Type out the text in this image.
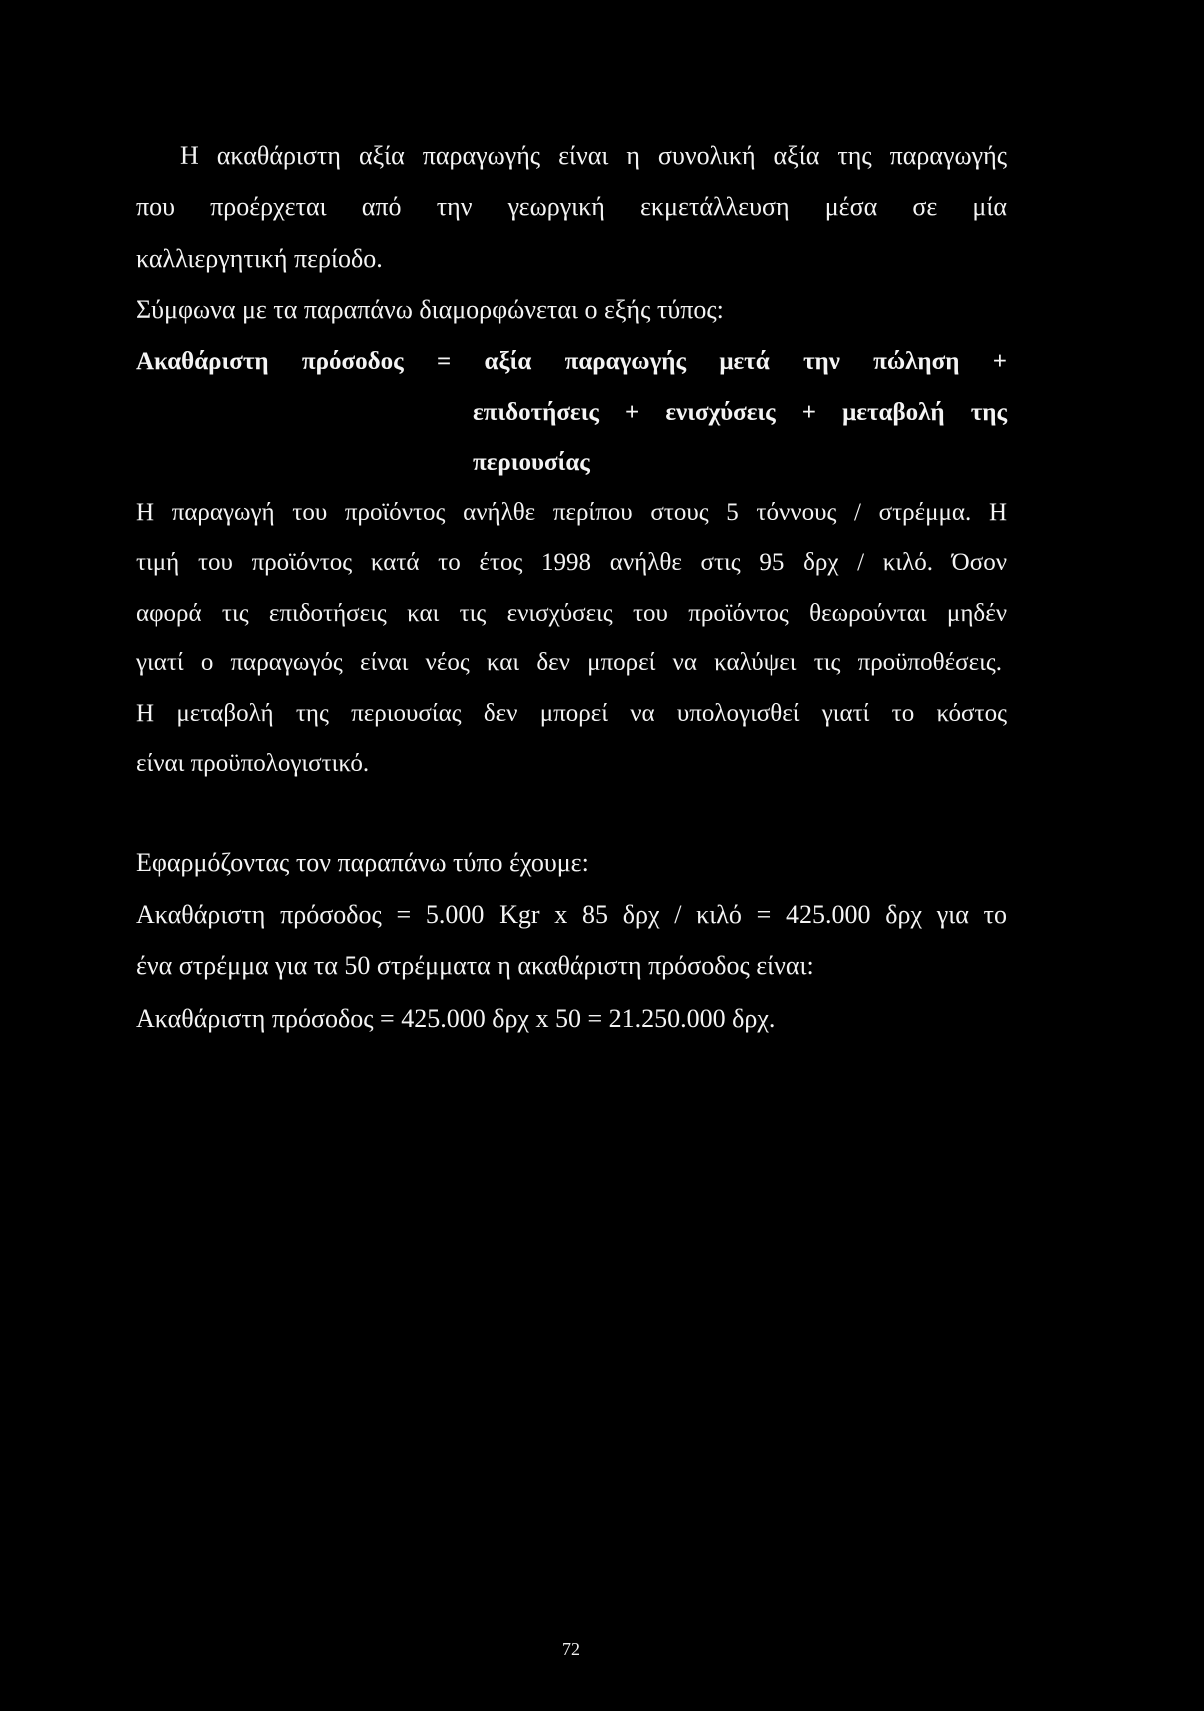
Η ακαθάριστη αξία παραγωγής είναι η συνολική αξία της παραγωγής
που προέρχεται από την γεωργική εκμετάλλευση μέσα σε μία
καλλιεργητική περίοδο.
Σύμφωνα με τα παραπάνω διαμορφώνεται ο εξής τύπος:
Ακαθάριστη πρόσοδος = αξία παραγωγής μετά την πώληση +
επιδοτήσεις + ενισχύσεις + μεταβολή της
περιουσίας
Η παραγωγή του προϊόντος ανήλθε περίπου στους 5 τόννους / στρέμμα. Η
τιμή του προϊόντος κατά το έτος 1998 ανήλθε στις 95 δρχ / κιλό. Όσον
αφορά τις επιδοτήσεις και τις ενισχύσεις του προϊόντος θεωρούνται μηδέν
γιατί ο παραγωγός είναι νέος και δεν μπορεί να καλύψει τις προϋποθέσεις.
Η μεταβολή της περιουσίας δεν μπορεί να υπολογισθεί γιατί το κόστος
είναι προϋπολογιστικό.
Εφαρμόζοντας τον παραπάνω τύπο έχουμε:
Ακαθάριστη πρόσοδος = 5.000 Kgr x 85 δρχ / κιλό = 425.000 δρχ για το
ένα στρέμμα για τα 50 στρέμματα η ακαθάριστη πρόσοδος είναι:
Ακαθάριστη πρόσοδος = 425.000 δρχ x 50 = 21.250.000 δρχ.
72
